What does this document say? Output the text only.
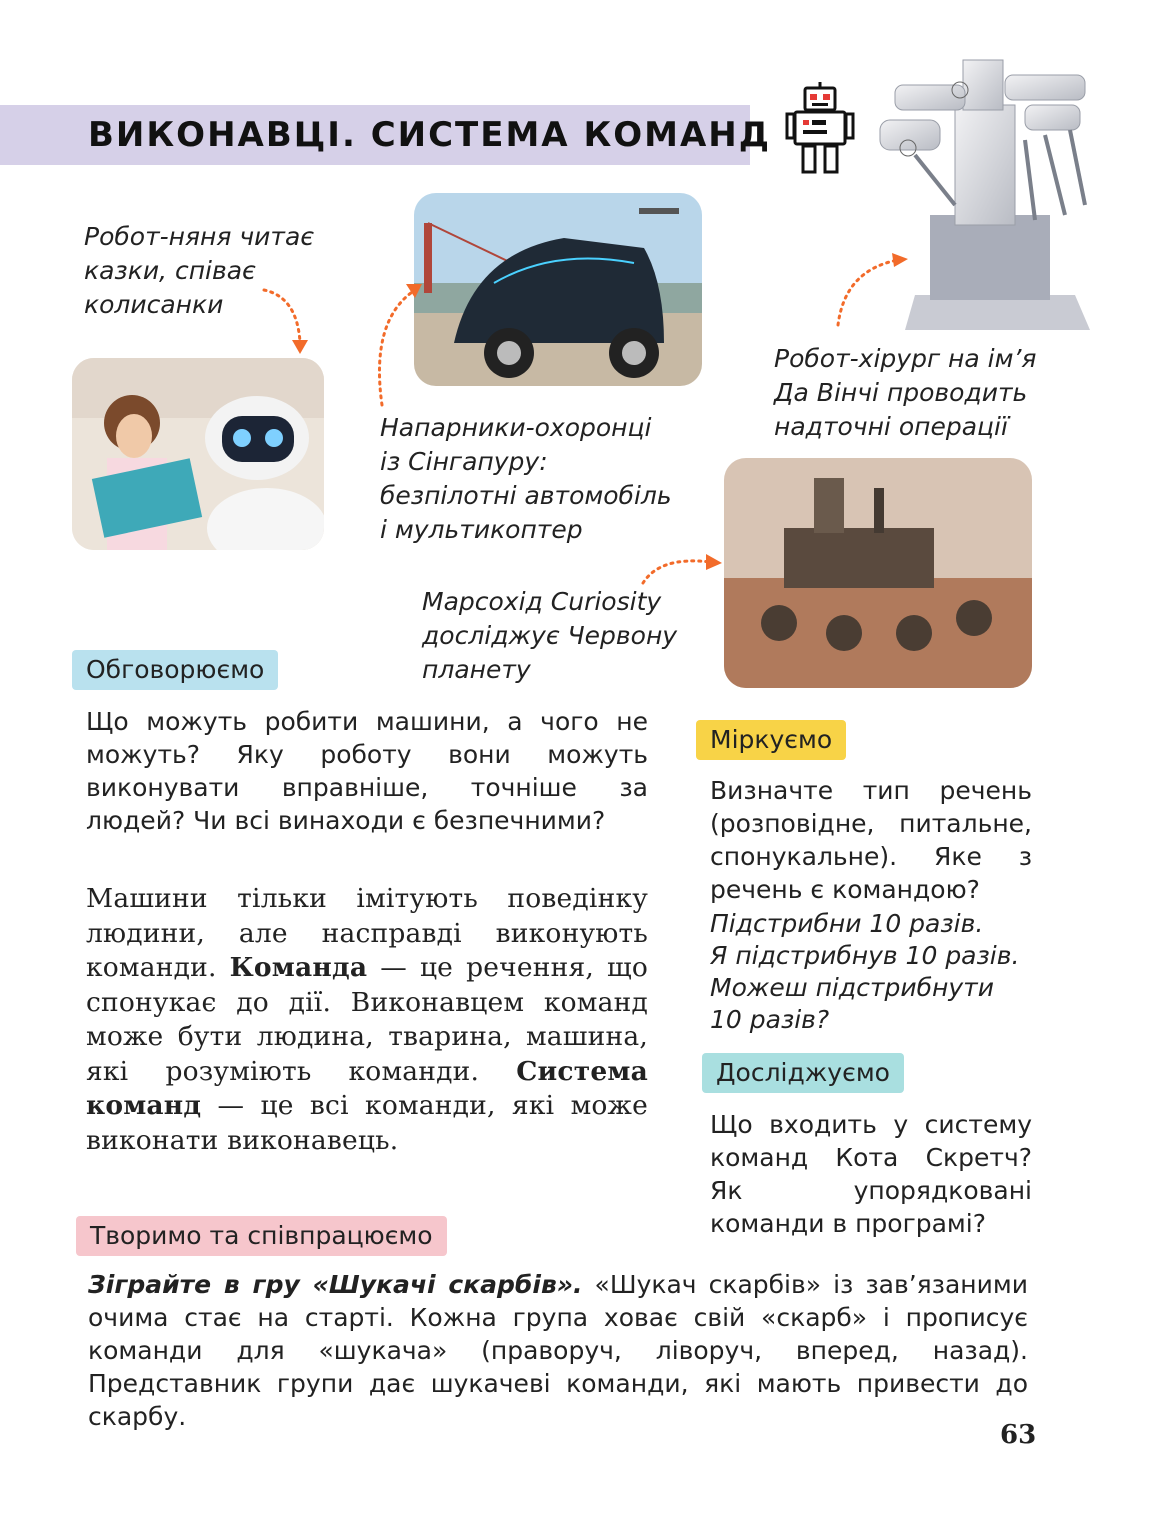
ВИКОНАВЦІ. СИСТЕМА КОМАНД
Робот-няня читає
казки, співає
колисанки
Напарники-охоронці
із Сінгапуру:
безпілотні автомобіль
і мультикоптер
Робот-хірург на ім’я
Да Вінчі проводить
надточні операції
Марсохід Curiosity
досліджує Червону
планету
Обговорюємо
Що можуть робити машини, а чого не можуть? Яку роботу вони можуть виконувати вправніше, точніше за людей? Чи всі винаходи є безпечними?
Машини тільки імітують поведінку людини, але насправді виконують команди. Команда — це речення, що спонукає до дії. Виконавцем команд може бути людина, тварина, машина, які розуміють команди. Система команд — це всі команди, які може виконати виконавець.
Міркуємо
Визначте тип речень (розповідне, питальне, спонукальне). Яке з речень є командою?
Підстрибни 10 разів.
Я підстрибнув 10 разів.
Можеш підстрибнути 10 разів?
Досліджуємо
Що входить у систему команд Кота Скретч? Як упорядковані команди в програмі?
Творимо та співпрацюємо
Зіграйте в гру «Шукачі скарбів». «Шукач скарбів» із зав’язаними очима стає на старті. Кожна група ховає свій «скарб» і прописує команди для «шукача» (праворуч, ліворуч, вперед, назад). Представник групи дає шукачеві команди, які мають привести до скарбу.
63
